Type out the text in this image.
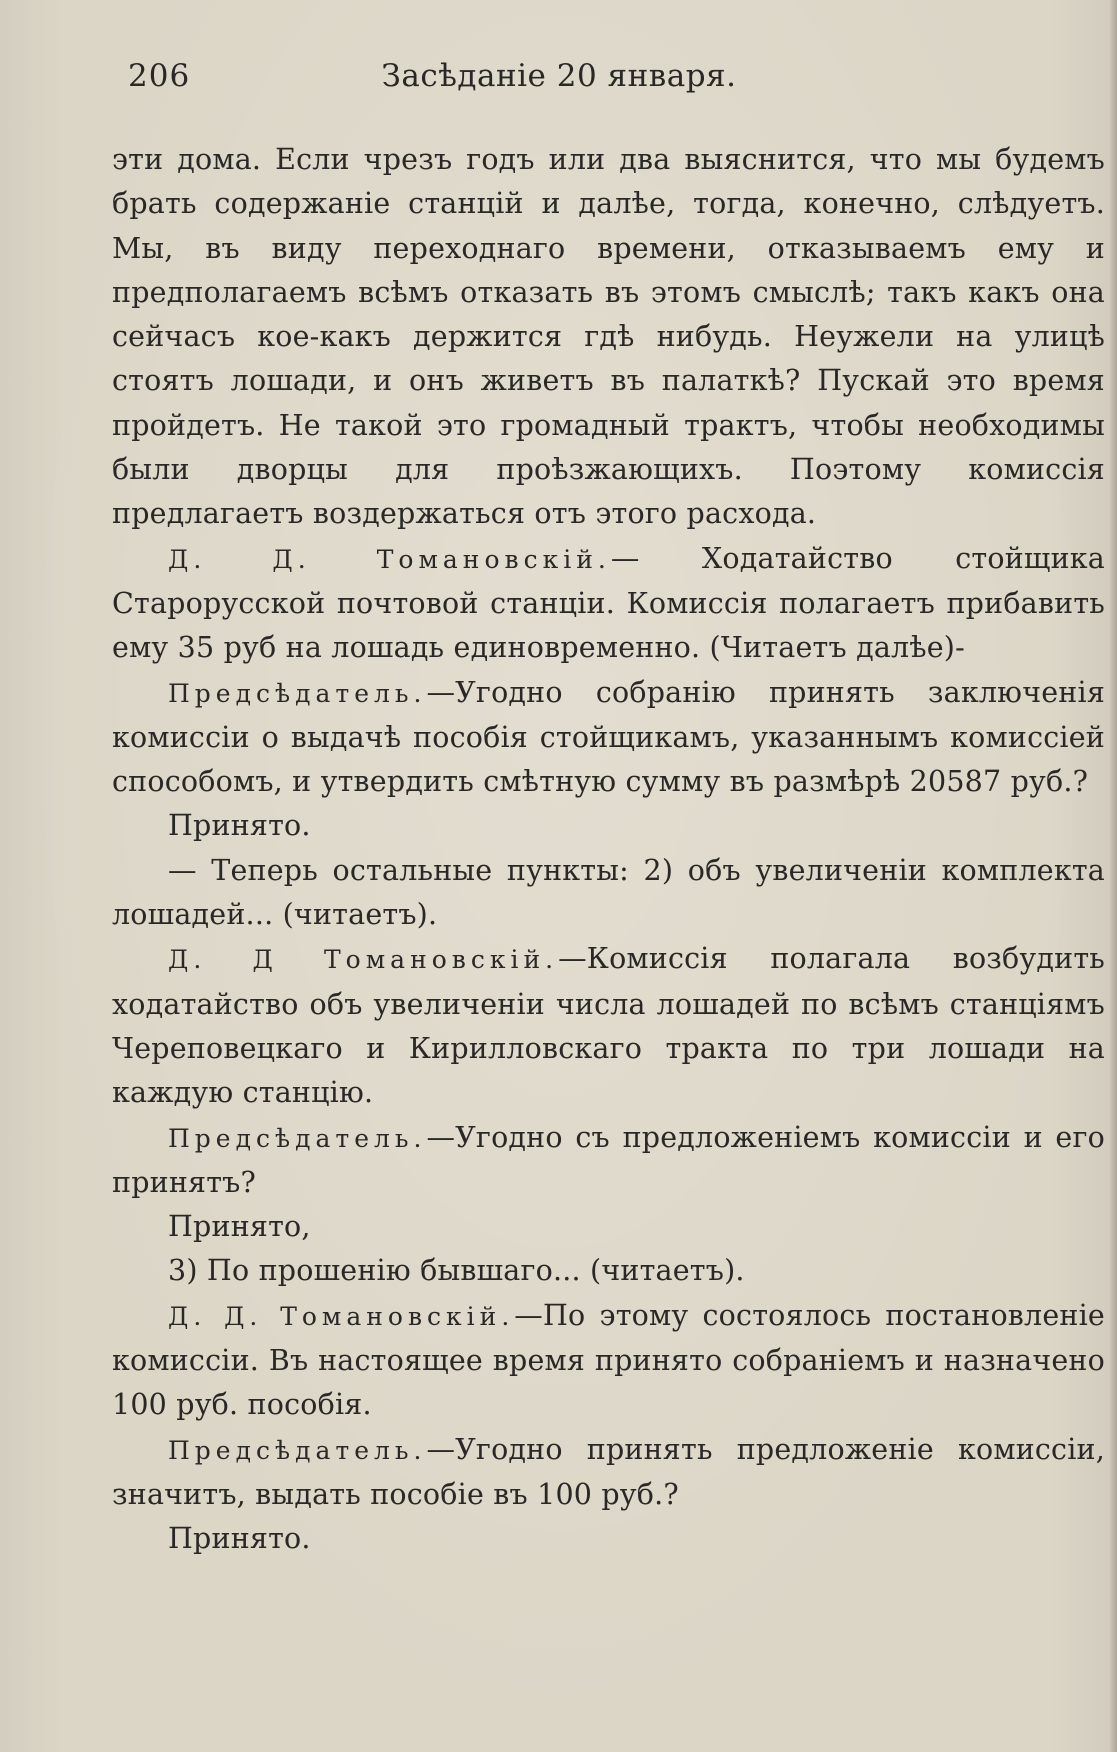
206	Засѣданіе 20 января.

эти дома. Если чрезъ годъ или два выяснится, что мы будемъ брать содержаніе станцій и далѣе, тогда, конечно, слѣдуетъ. Мы, въ виду переходнаго времени, отказываемъ ему и предполагаемъ всѣмъ отказать въ этомъ смыслѣ; такъ какъ она сейчасъ кое-какъ держится гдѣ нибудь. Неужели на улицѣ стоятъ лошади, и онъ живетъ въ палаткѣ? Пускай это время пройдетъ. Не такой это громадный трактъ, чтобы необходимы были дворцы для проѣзжающихъ. Поэтому комиссія предлагаетъ воздержаться отъ этого расхода.

Д. Д. Томановскій.— Ходатайство стойщика Старорусской почтовой станціи. Комиссія полагаетъ прибавить ему 35 руб на лошадь единовременно. (Читаетъ далѣе)-

Предсѣдатель.—Угодно собранію принять заключенія комиссіи о выдачѣ пособія стойщикамъ, указаннымъ комиссіей способомъ, и утвердить смѣтную сумму въ размѣрѣ 20587 руб.?

Принято.

— Теперь остальные пункты: 2) объ увеличеніи комплекта лошадей... (читаетъ).

Д. Д Томановскій.—Комиссія полагала возбудить ходатайство объ увеличеніи числа лошадей по всѣмъ станціямъ Череповецкаго и Кирилловскаго тракта по три лошади на каждую станцію.

Предсѣдатель.—Угодно съ предложеніемъ комиссіи и его принятъ?

Принято,

3) По прошенію бывшаго... (читаетъ).

Д. Д. Томановскій.—По этому состоялось постановленіе комиссіи. Въ настоящее время принято собраніемъ и назначено 100 руб. пособія.

Предсѣдатель.—Угодно принять предложеніе комиссіи, значитъ, выдать пособіе въ 100 руб.?

Принято.
